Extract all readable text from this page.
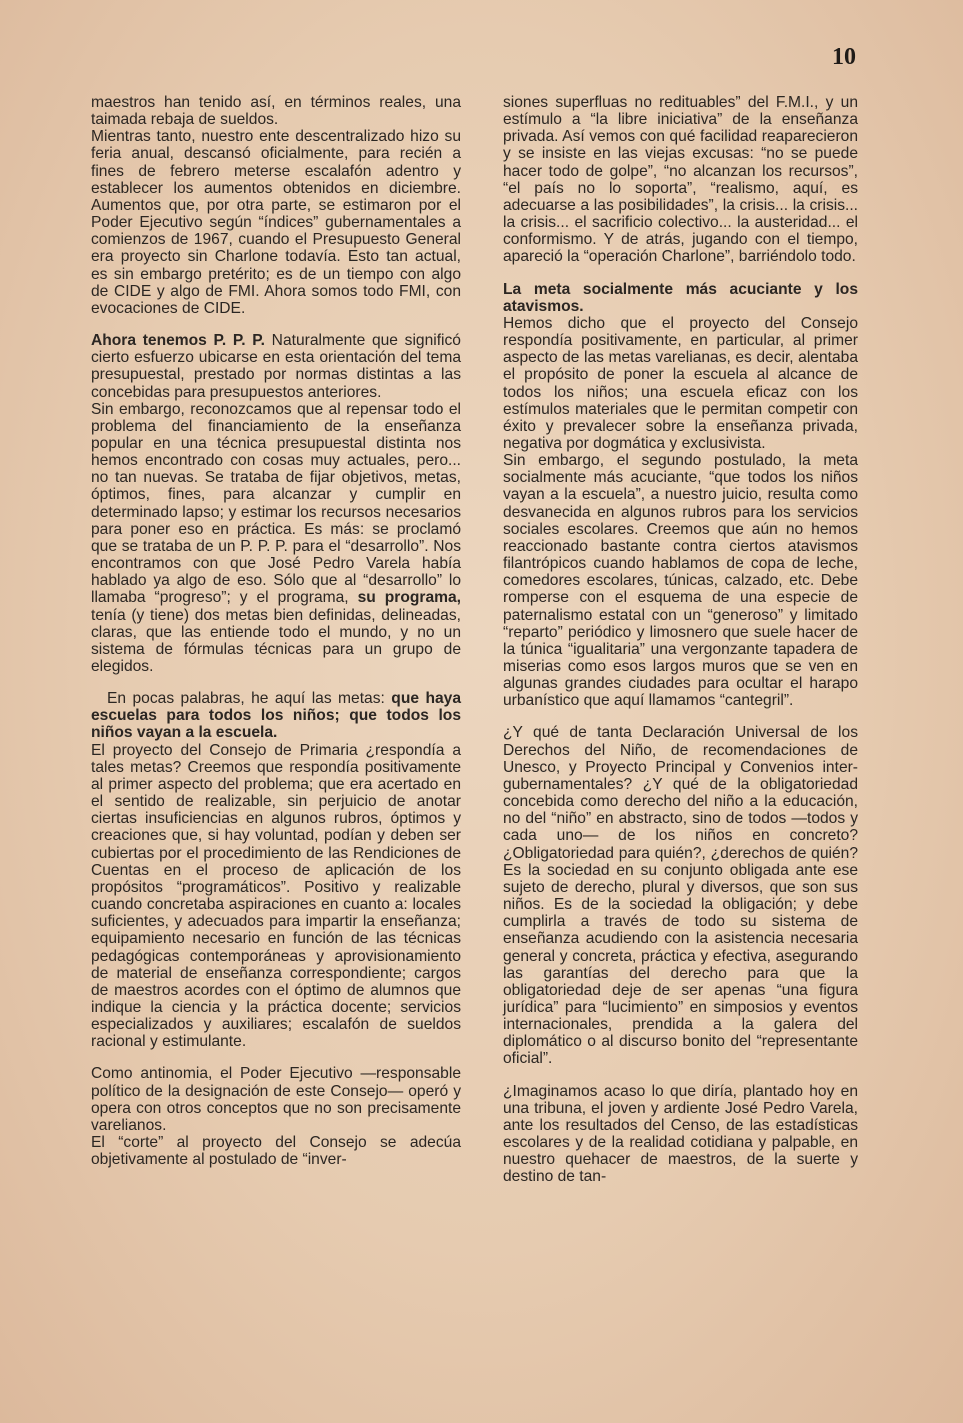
10

maestros han tenido así, en términos reales, una taimada rebaja de sueldos.

Mientras tanto, nuestro ente descentralizado hizo su feria anual, descansó oficialmente, para recién a fines de febrero meterse escalafón adentro y establecer los aumentos obtenidos en diciembre. Aumentos que, por otra parte, se estimaron por el Poder Ejecutivo según “índices” gubernamentales a comienzos de 1967, cuando el Presupuesto General era proyecto sin Charlone todavía. Esto tan actual, es sin embargo pretérito; es de un tiempo con algo de CIDE y algo de FMI. Ahora somos todo FMI, con evocaciones de CIDE.

Ahora tenemos P. P. P. Naturalmente que significó cierto esfuerzo ubicarse en esta orientación del tema presupuestal, prestado por normas distintas a las concebidas para presupuestos anteriores.

Sin embargo, reconozcamos que al repensar todo el problema del financiamiento de la enseñanza popular en una técnica presupuestal distinta nos hemos encontrado con cosas muy actuales, pero... no tan nuevas. Se trataba de fijar objetivos, metas, óptimos, fines, para alcanzar y cumplir en determinado lapso; y estimar los recursos necesarios para poner eso en práctica. Es más: se proclamó que se trataba de un P. P. P. para el “desarrollo”. Nos encontramos con que José Pedro Varela había hablado ya algo de eso. Sólo que al “desarrollo” lo llamaba “progreso”; y el programa, su programa, tenía (y tiene) dos metas bien definidas, delineadas, claras, que las entiende todo el mundo, y no un sistema de fórmulas técnicas para un grupo de elegidos.

En pocas palabras, he aquí las metas: que haya escuelas para todos los niños; que todos los niños vayan a la escuela.

El proyecto del Consejo de Primaria ¿respondía a tales metas? Creemos que respondía positivamente al primer aspecto del problema; que era acertado en el sentido de realizable, sin perjuicio de anotar ciertas insuficiencias en algunos rubros, óptimos y creaciones que, si hay voluntad, podían y deben ser cubiertas por el procedimiento de las Rendiciones de Cuentas en el proceso de aplicación de los propósitos “programáticos”. Positivo y realizable cuando concretaba aspiraciones en cuanto a: locales suficientes, y adecuados para impartir la enseñanza; equipamiento necesario en función de las técnicas pedagógicas contemporáneas y aprovisionamiento de material de enseñanza correspondiente; cargos de maestros acordes con el óptimo de alumnos que indique la ciencia y la práctica docente; servicios especializados y auxiliares; escalafón de sueldos racional y estimulante.

Como antinomia, el Poder Ejecutivo —responsable político de la designación de este Consejo— operó y opera con otros conceptos que no son precisamente varelianos.

El “corte” al proyecto del Consejo se adecúa objetivamente al postulado de “inver-

siones superfluas no redituables” del F.M.I., y un estímulo a “la libre iniciativa” de la enseñanza privada. Así vemos con qué facilidad reaparecieron y se insiste en las viejas excusas: “no se puede hacer todo de golpe”, “no alcanzan los recursos”, “el país no lo soporta”, “realismo, aquí, es adecuarse a las posibilidades”, la crisis... la crisis... la crisis... el sacrificio colectivo... la austeridad... el conformismo. Y de atrás, jugando con el tiempo, apareció la “operación Charlone”, barriéndolo todo.

La meta socialmente más acuciante y los atavismos.

Hemos dicho que el proyecto del Consejo respondía positivamente, en particular, al primer aspecto de las metas varelianas, es decir, alentaba el propósito de poner la escuela al alcance de todos los niños; una escuela eficaz con los estímulos materiales que le permitan competir con éxito y prevalecer sobre la enseñanza privada, negativa por dogmática y exclusivista.

Sin embargo, el segundo postulado, la meta socialmente más acuciante, “que todos los niños vayan a la escuela”, a nuestro juicio, resulta como desvanecida en algunos rubros para los servicios sociales escolares. Creemos que aún no hemos reaccionado bastante contra ciertos atavismos filantrópicos cuando hablamos de copa de leche, comedores escolares, túnicas, calzado, etc. Debe romperse con el esquema de una especie de paternalismo estatal con un “generoso” y limitado “reparto” periódico y limosnero que suele hacer de la túnica “igualitaria” una vergonzante tapadera de miserias como esos largos muros que se ven en algunas grandes ciudades para ocultar el harapo urbanístico que aquí llamamos “cantegril”.

¿Y qué de tanta Declaración Universal de los Derechos del Niño, de recomendaciones de Unesco, y Proyecto Principal y Convenios inter-gubernamentales? ¿Y qué de la obligatoriedad concebida como derecho del niño a la educación, no del “niño” en abstracto, sino de todos —todos y cada uno— de los niños en concreto? ¿Obligatoriedad para quién?, ¿derechos de quién? Es la sociedad en su conjunto obligada ante ese sujeto de derecho, plural y diversos, que son sus niños. Es de la sociedad la obligación; y debe cumplirla a través de todo su sistema de enseñanza acudiendo con la asistencia necesaria general y concreta, práctica y efectiva, asegurando las garantías del derecho para que la obligatoriedad deje de ser apenas “una figura jurídica” para “lucimiento” en simposios y eventos internacionales, prendida a la galera del diplomático o al discurso bonito del “representante oficial”.

¿Imaginamos acaso lo que diría, plantado hoy en una tribuna, el joven y ardiente José Pedro Varela, ante los resultados del Censo, de las estadísticas escolares y de la realidad cotidiana y palpable, en nuestro quehacer de maestros, de la suerte y destino de tan-
